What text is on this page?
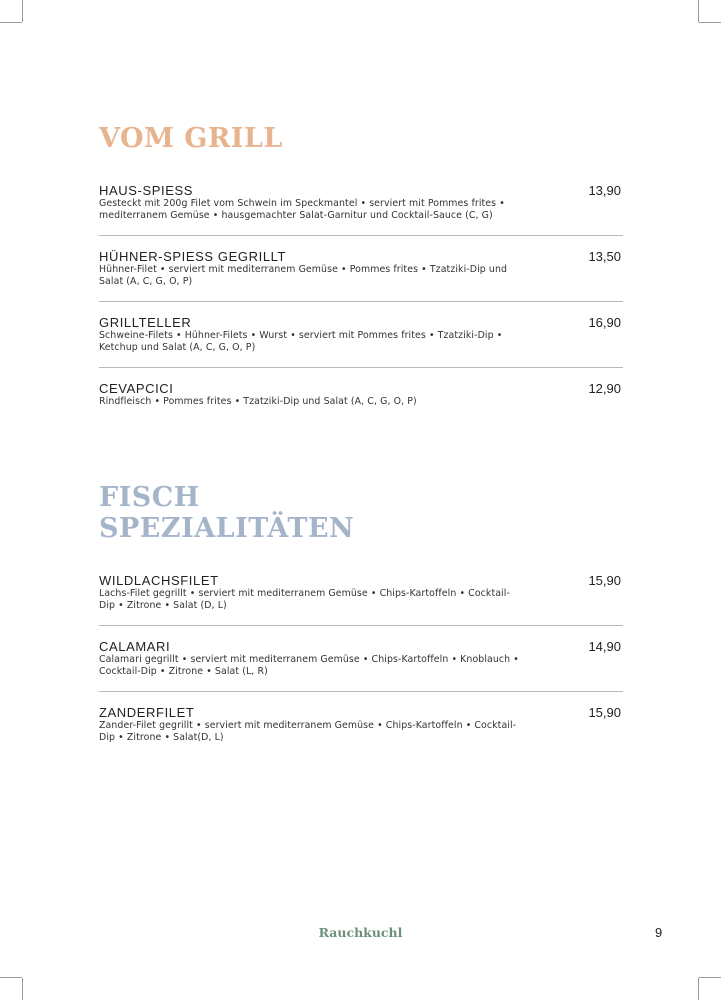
VOM GRILL
HAUS-SPIESS	13,90
Gesteckt mit 200g Filet vom Schwein im Speckmantel • serviert mit Pommes frites • mediterranem Gemüse • hausgemachter Salat-Garnitur und Cocktail-Sauce (C, G)
HÜHNER-SPIESS GEGRILLT	13,50
Hühner-Filet • serviert mit mediterranem Gemüse • Pommes frites • Tzatziki-Dip und Salat (A, C, G, O, P)
GRILLTELLER	16,90
Schweine-Filets • Hühner-Filets • Wurst • serviert mit Pommes frites • Tzatziki-Dip • Ketchup und Salat (A, C, G, O, P)
CEVAPCICI	12,90
Rindfleisch • Pommes frites • Tzatziki-Dip und Salat (A, C, G, O, P)
FISCH
SPEZIALITÄTEN
WILDLACHSFILET	15,90
Lachs-Filet gegrillt • serviert mit mediterranem Gemüse • Chips-Kartoffeln • Cocktail-Dip • Zitrone • Salat (D, L)
CALAMARI	14,90
Calamari gegrillt • serviert mit mediterranem Gemüse • Chips-Kartoffeln • Knoblauch • Cocktail-Dip • Zitrone • Salat (L, R)
ZANDERFILET	15,90
Zander-Filet gegrillt • serviert mit mediterranem Gemüse • Chips-Kartoffeln • Cocktail-Dip • Zitrone • Salat(D, L)
Rauchkuchl	9
